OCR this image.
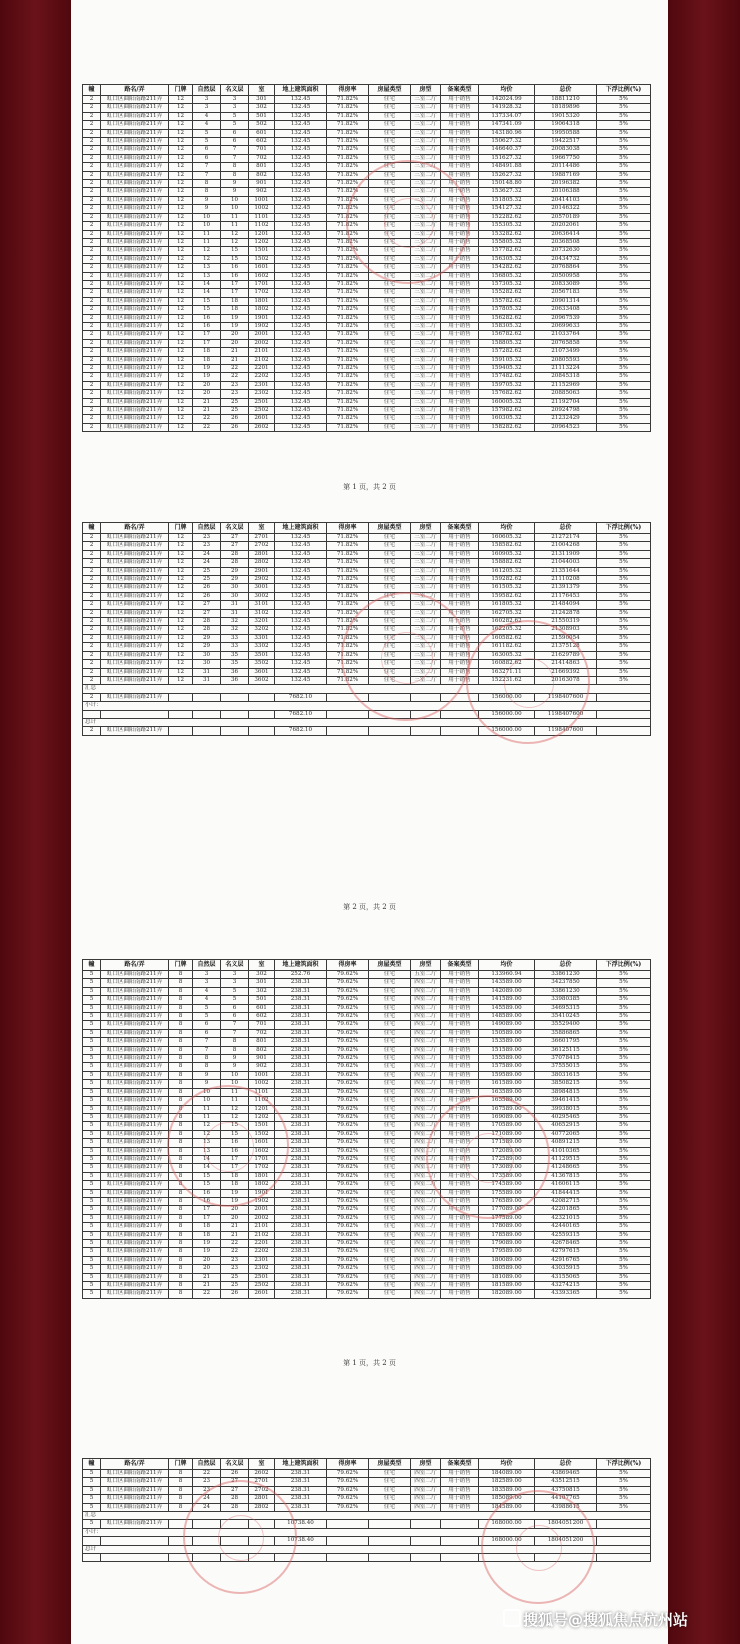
幢	路名/弄	门牌	自然层	名义层	室	地上建筑面积	得房率	房屋类型	房型	备案类型	均价	总价	下浮比例(%)
2	虹口区曲阳南路211弄	12	3	3	301	132.45	71.82%	住宅	三室二厅	用于销售	142024.99	18811210	5%
2	虹口区曲阳南路211弄	12	3	3	302	132.45	71.82%	住宅	三室二厅	用于销售	141928.32	18189896	5%
2	虹口区曲阳南路211弄	12	4	5	501	132.45	71.82%	住宅	三室二厅	用于销售	137334.07	19015320	5%
2	虹口区曲阳南路211弄	12	4	5	502	132.45	71.82%	住宅	三室二厅	用于销售	147341.09	19064318	5%
2	虹口区曲阳南路211弄	12	5	6	601	132.45	71.82%	住宅	三室二厅	用于销售	143180.96	19950588	5%
2	虹口区曲阳南路211弄	12	5	6	602	132.45	71.82%	住宅	三室二厅	用于销售	150627.32	19422517	5%
2	虹口区曲阳南路211弄	12	6	7	701	132.45	71.82%	住宅	三室二厅	用于销售	146640.37	20083038	5%
2	虹口区曲阳南路211弄	12	6	7	702	132.45	71.82%	住宅	三室二厅	用于销售	151627.32	19667750	5%
2	虹口区曲阳南路211弄	12	7	8	801	132.45	71.82%	住宅	三室二厅	用于销售	148491.88	20114486	5%
2	虹口区曲阳南路211弄	12	7	8	802	132.45	71.82%	住宅	三室二厅	用于销售	152627.32	19887169	5%
2	虹口区曲阳南路211弄	12	8	9	901	132.45	71.82%	住宅	三室二厅	用于销售	150148.80	20196382	5%
2	虹口区曲阳南路211弄	12	8	9	902	132.45	71.82%	住宅	三室二厅	用于销售	153627.32	20106388	5%
2	虹口区曲阳南路211弄	12	9	10	1001	132.45	71.82%	住宅	三室二厅	用于销售	151805.32	20414103	5%
2	虹口区曲阳南路211弄	12	9	10	1002	132.45	71.82%	住宅	三室二厅	用于销售	154127.32	20146322	5%
2	虹口区曲阳南路211弄	12	10	11	1101	132.45	71.82%	住宅	三室二厅	用于销售	152282.62	20570189	5%
2	虹口区曲阳南路211弄	12	10	11	1102	132.45	71.82%	住宅	三室二厅	用于销售	155305.32	20202061	5%
2	虹口区曲阳南路211弄	12	11	12	1201	132.45	71.82%	住宅	三室二厅	用于销售	153282.62	20636414	5%
2	虹口区曲阳南路211弄	12	11	12	1202	132.45	71.82%	住宅	三室二厅	用于销售	155805.32	20368508	5%
2	虹口区曲阳南路211弄	12	12	15	1501	132.45	71.82%	住宅	三室二厅	用于销售	157782.62	20732630	5%
2	虹口区曲阳南路211弄	12	12	15	1502	132.45	71.82%	住宅	三室二厅	用于销售	156305.32	20434732	5%
2	虹口区曲阳南路211弄	12	13	16	1601	132.45	71.82%	住宅	三室二厅	用于销售	154282.62	20768864	5%
2	虹口区曲阳南路211弄	12	13	16	1602	132.45	71.82%	住宅	三室二厅	用于销售	156805.32	20500958	5%
2	虹口区曲阳南路211弄	12	14	17	1701	132.45	71.82%	住宅	三室二厅	用于销售	157305.32	20833089	5%
2	虹口区曲阳南路211弄	12	14	17	1702	132.45	71.82%	住宅	三室二厅	用于销售	155282.62	20567183	5%
2	虹口区曲阳南路211弄	12	15	18	1801	132.45	71.82%	住宅	三室二厅	用于销售	155782.62	20901314	5%
2	虹口区曲阳南路211弄	12	15	18	1802	132.45	71.82%	住宅	三室二厅	用于销售	157805.32	20633408	5%
2	虹口区曲阳南路211弄	12	16	19	1901	132.45	71.82%	住宅	三室二厅	用于销售	156282.62	20967539	5%
2	虹口区曲阳南路211弄	12	16	19	1902	132.45	71.82%	住宅	三室二厅	用于销售	158305.32	20699633	5%
2	虹口区曲阳南路211弄	12	17	20	2001	132.45	71.82%	住宅	三室二厅	用于销售	156782.62	21033764	5%
2	虹口区曲阳南路211弄	12	17	20	2002	132.45	71.82%	住宅	三室二厅	用于销售	158805.32	20765858	5%
2	虹口区曲阳南路211弄	12	18	21	2101	132.45	71.82%	住宅	三室二厅	用于销售	157282.62	21073499	5%
2	虹口区曲阳南路211弄	12	18	21	2102	132.45	71.82%	住宅	三室二厅	用于销售	159105.32	20805593	5%
2	虹口区曲阳南路211弄	12	19	22	2201	132.45	71.82%	住宅	三室二厅	用于销售	159405.32	21113224	5%
2	虹口区曲阳南路211弄	12	19	22	2202	132.45	71.82%	住宅	三室二厅	用于销售	157482.62	20845318	5%
2	虹口区曲阳南路211弄	12	20	23	2301	132.45	71.82%	住宅	三室二厅	用于销售	159705.32	21152969	5%
2	虹口区曲阳南路211弄	12	20	23	2302	132.45	71.82%	住宅	三室二厅	用于销售	157682.62	20885063	5%
2	虹口区曲阳南路211弄	12	21	25	2501	132.45	71.82%	住宅	三室二厅	用于销售	160005.32	21192704	5%
2	虹口区曲阳南路211弄	12	21	25	2502	132.45	71.82%	住宅	三室二厅	用于销售	157982.62	20924798	5%
2	虹口区曲阳南路211弄	12	22	26	2601	132.45	71.82%	住宅	三室二厅	用于销售	160305.32	21232429	5%
2	虹口区曲阳南路211弄	12	22	26	2602	132.45	71.82%	住宅	三室二厅	用于销售	158282.62	20964523	5%
第 1 页，共 2 页
幢	路名/弄	门牌	自然层	名义层	室	地上建筑面积	得房率	房屋类型	房型	备案类型	均价	总价	下浮比例(%)
2	虹口区曲阳南路211弄	12	23	27	2701	132.45	71.82%	住宅	三室二厅	用于销售	160605.32	21272174	5%
2	虹口区曲阳南路211弄	12	23	27	2702	132.45	71.82%	住宅	三室二厅	用于销售	158582.62	21004268	5%
2	虹口区曲阳南路211弄	12	24	28	2801	132.45	71.82%	住宅	三室二厅	用于销售	160905.32	21311909	5%
2	虹口区曲阳南路211弄	12	24	28	2802	132.45	71.82%	住宅	三室二厅	用于销售	158882.62	21044003	5%
2	虹口区曲阳南路211弄	12	25	29	2901	132.45	71.82%	住宅	三室二厅	用于销售	161205.32	21351644	5%
2	虹口区曲阳南路211弄	12	25	29	2902	132.45	71.82%	住宅	三室二厅	用于销售	159282.62	21110208	5%
2	虹口区曲阳南路211弄	12	26	30	3001	132.45	71.82%	住宅	三室二厅	用于销售	161505.32	21391379	5%
2	虹口区曲阳南路211弄	12	26	30	3002	132.45	71.82%	住宅	三室二厅	用于销售	159582.62	21176453	5%
2	虹口区曲阳南路211弄	12	27	31	3101	132.45	71.82%	住宅	三室二厅	用于销售	161805.32	21484094	5%
2	虹口区曲阳南路211弄	12	27	31	3102	132.45	71.82%	住宅	三室二厅	用于销售	162705.32	21242878	5%
2	虹口区曲阳南路211弄	12	28	32	3201	132.45	71.82%	住宅	三室二厅	用于销售	160282.62	21550319	5%
2	虹口区曲阳南路211弄	12	28	32	3202	132.45	71.82%	住宅	三室二厅	用于销售	162205.32	21308903	5%
2	虹口区曲阳南路211弄	12	29	33	3301	132.45	71.82%	住宅	三室二厅	用于销售	160582.62	21590054	5%
2	虹口区曲阳南路211弄	12	29	33	3302	132.45	71.82%	住宅	三室二厅	用于销售	161182.62	21375128	5%
2	虹口区曲阳南路211弄	12	30	35	3501	132.45	71.82%	住宅	三室二厅	用于销售	163005.32	21629789	5%
2	虹口区曲阳南路211弄	12	30	35	3502	132.45	71.82%	住宅	三室二厅	用于销售	160882.62	21414863	5%
2	虹口区曲阳南路211弄	12	31	36	3601	132.45	71.82%	住宅	三室二厅	用于销售	163271.11	21669392	5%
2	虹口区曲阳南路211弄	12	31	36	3602	132.45	71.82%	住宅	三室二厅	用于销售	152231.62	20163078	5%
汇总													
2	虹口区曲阳南路211弄					7682.10					156000.00	1198407600	
小计：													
						7682.10					156000.00	1198407600	
总计													
2	虹口区曲阳南路211弄					7682.10					156000.00	1198407600	
第 2 页，共 2 页
幢	路名/弄	门牌	自然层	名义层	室	地上建筑面积	得房率	房屋类型	房型	备案类型	均价	总价	下浮比例(%)
5	虹口区曲阳南路211弄	8	3	3	302	252.76	79.62%	住宅	五室二厅	用于销售	133960.94	33861230	5%
5	虹口区曲阳南路211弄	8	3	3	301	238.31	79.62%	住宅	四室二厅	用于销售	143589.00	34237850	5%
5	虹口区曲阳南路211弄	8	4	5	302	238.31	79.62%	住宅	四室二厅	用于销售	142089.00	33861230	5%
5	虹口区曲阳南路211弄	8	4	5	501	238.31	79.62%	住宅	四室二厅	用于销售	141589.00	33980385	5%
5	虹口区曲阳南路211弄	8	5	6	601	238.31	79.62%	住宅	四室二厅	用于销售	145589.00	34695315	5%
5	虹口区曲阳南路211弄	8	5	6	602	238.31	79.62%	住宅	四室二厅	用于销售	148589.00	35410245	5%
5	虹口区曲阳南路211弄	8	6	7	701	238.31	79.62%	住宅	四室二厅	用于销售	149089.00	35529400	5%
5	虹口区曲阳南路211弄	8	6	7	702	238.31	79.62%	住宅	四室二厅	用于销售	150589.00	35886865	5%
5	虹口区曲阳南路211弄	8	7	8	801	238.31	79.62%	住宅	四室二厅	用于销售	153589.00	36601795	5%
5	虹口区曲阳南路211弄	8	7	8	802	238.31	79.62%	住宅	四室二厅	用于销售	151589.00	36125115	5%
5	虹口区曲阳南路211弄	8	8	9	901	238.31	79.62%	住宅	四室二厅	用于销售	155589.00	37078415	5%
5	虹口区曲阳南路211弄	8	8	9	902	238.31	79.62%	住宅	四室二厅	用于销售	157589.00	37555015	5%
5	虹口区曲阳南路211弄	8	9	10	1001	238.31	79.62%	住宅	四室二厅	用于销售	159589.00	38031615	5%
5	虹口区曲阳南路211弄	8	9	10	1002	238.31	79.62%	住宅	四室二厅	用于销售	161589.00	38508215	5%
5	虹口区曲阳南路211弄	8	10	11	1101	238.31	79.62%	住宅	四室二厅	用于销售	163589.00	38984815	5%
5	虹口区曲阳南路211弄	8	10	11	1102	238.31	79.62%	住宅	四室二厅	用于销售	165589.00	39461415	5%
5	虹口区曲阳南路211弄	8	11	12	1201	238.31	79.62%	住宅	四室二厅	用于销售	167589.00	39938015	5%
5	虹口区曲阳南路211弄	8	11	12	1202	238.31	79.62%	住宅	四室二厅	用于销售	169089.00	40295465	5%
5	虹口区曲阳南路211弄	8	12	15	1501	238.31	79.62%	住宅	四室二厅	用于销售	170589.00	40652915	5%
5	虹口区曲阳南路211弄	8	12	15	1502	238.31	79.62%	住宅	四室二厅	用于销售	171089.00	40772065	5%
5	虹口区曲阳南路211弄	8	13	16	1601	238.31	79.62%	住宅	四室二厅	用于销售	171589.00	40891215	5%
5	虹口区曲阳南路211弄	8	13	16	1602	238.31	79.62%	住宅	四室二厅	用于销售	172089.00	41010365	5%
5	虹口区曲阳南路211弄	8	14	17	1701	238.31	79.62%	住宅	四室二厅	用于销售	172589.00	41129515	5%
5	虹口区曲阳南路211弄	8	14	17	1702	238.31	79.62%	住宅	四室二厅	用于销售	173089.00	41248665	5%
5	虹口区曲阳南路211弄	8	15	18	1801	238.31	79.62%	住宅	四室二厅	用于销售	173589.00	41367815	5%
5	虹口区曲阳南路211弄	8	15	18	1802	238.31	79.62%	住宅	四室二厅	用于销售	174589.00	41606115	5%
5	虹口区曲阳南路211弄	8	16	19	1901	238.31	79.62%	住宅	四室二厅	用于销售	175589.00	41844415	5%
5	虹口区曲阳南路211弄	8	16	19	1902	238.31	79.62%	住宅	四室二厅	用于销售	176589.00	42082715	5%
5	虹口区曲阳南路211弄	8	17	20	2001	238.31	79.62%	住宅	四室二厅	用于销售	177089.00	42201865	5%
5	虹口区曲阳南路211弄	8	17	20	2002	238.31	79.62%	住宅	四室二厅	用于销售	177589.00	42321015	5%
5	虹口区曲阳南路211弄	8	18	21	2101	238.31	79.62%	住宅	四室二厅	用于销售	178089.00	42440165	5%
5	虹口区曲阳南路211弄	8	18	21	2102	238.31	79.62%	住宅	四室二厅	用于销售	178589.00	42559315	5%
5	虹口区曲阳南路211弄	8	19	22	2201	238.31	79.62%	住宅	四室二厅	用于销售	179089.00	42678465	5%
5	虹口区曲阳南路211弄	8	19	22	2202	238.31	79.62%	住宅	四室二厅	用于销售	179589.00	42797615	5%
5	虹口区曲阳南路211弄	8	20	23	2301	238.31	79.62%	住宅	四室二厅	用于销售	180089.00	42916765	5%
5	虹口区曲阳南路211弄	8	20	23	2302	238.31	79.62%	住宅	四室二厅	用于销售	180589.00	43035915	5%
5	虹口区曲阳南路211弄	8	21	25	2501	238.31	79.62%	住宅	四室二厅	用于销售	181089.00	43155065	5%
5	虹口区曲阳南路211弄	8	21	25	2502	238.31	79.62%	住宅	四室二厅	用于销售	181589.00	43274215	5%
5	虹口区曲阳南路211弄	8	22	26	2601	238.31	79.62%	住宅	四室二厅	用于销售	182089.00	43393365	5%
第 1 页，共 2 页
幢	路名/弄	门牌	自然层	名义层	室	地上建筑面积	得房率	房屋类型	房型	备案类型	均价	总价	下浮比例(%)
5	虹口区曲阳南路211弄	8	22	26	2602	238.31	79.62%	住宅	四室二厅	用于销售	184089.00	43869465	5%
5	虹口区曲阳南路211弄	8	23	27	2701	238.31	79.62%	住宅	四室二厅	用于销售	182589.00	43512515	5%
5	虹口区曲阳南路211弄	8	23	27	2702	238.31	79.62%	住宅	四室二厅	用于销售	183589.00	43750815	5%
5	虹口区曲阳南路211弄	8	24	28	2801	238.31	79.62%	住宅	四室二厅	用于销售	185089.00	44107765	5%
5	虹口区曲阳南路211弄	8	24	28	2802	238.31	79.62%	住宅	四室二厅	用于销售	184589.00	43988615	5%
汇总													
5	虹口区曲阳南路211弄					10738.40					168000.00	1804051200	
小计：													
						10738.40					168000.00	1804051200	
总计													

搜狐号@搜狐焦点杭州站
